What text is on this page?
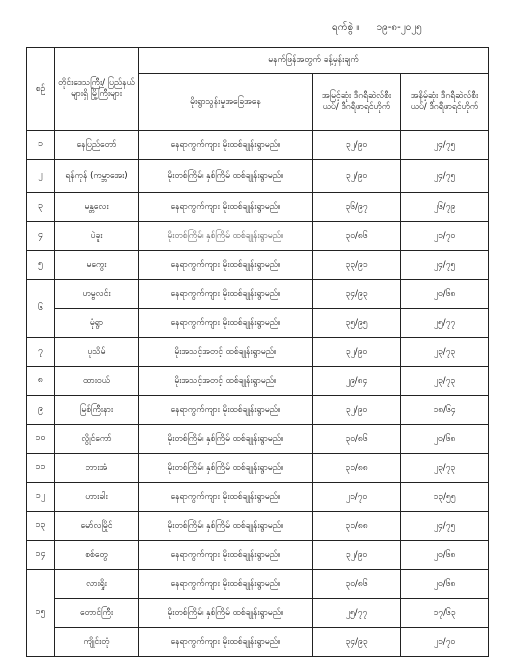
ရက်စွဲ ။ ၁၉-၈-၂၀၂၅
စဉ်	တိုင်းဒေသကြီး/ ပြည်နယ်များရှိ မြို့ကြီးများ	မနက်ဖြန်အတွက် ခန့်မှန်းချက်		
		မိုးရွာသွန်းမှုအခြေအနေ	အမြင့်ဆုံး ဒီဂရီဆဲလ်စီးယပ်/ ဒီဂရီဖာရင်ဟိုက်	အနိမ့်ဆုံး ဒီဂရီဆဲလ်စီးယပ်/ ဒီဂရီဖာရင်ဟိုက်
၁	နေပြည်တော်	နေရာကွက်ကျား မိုးထစ်ချုန်းရွာမည်။	၃၂/၉၀	၂၄/၇၅
၂	ရန်ကုန် (ကမ္ဘာအေး)	မိုးတစ်ကြိမ်၊ နှစ်ကြိမ် ထစ်ချုန်းရွာမည်။	၃၂/၉၀	၂၄/၇၅
၃	မန္တလေး	နေရာကွက်ကျား မိုးထစ်ချုန်းရွာမည်။	၃၆/၉၇	၂၆/၇၉
၄	ပဲခူး	မိုးတစ်ကြိမ်၊ နှစ်ကြိမ် ထစ်ချုန်းရွာမည်။	၃၀/၈၆	၂၁/၇၀
၅	မကွေး	နေရာကွက်ကျား မိုးထစ်ချုန်းရွာမည်။	၃၃/၉၁	၂၄/၇၅
၆	ဟမ္ဗလင်း	နေရာကွက်ကျား မိုးထစ်ချုန်းရွာမည်။	၃၄/၉၃	၂၀/၆၈
	မုံရွာ	နေရာကွက်ကျား မိုးထစ်ချုန်းရွာမည်။	၃၅/၉၅	၂၅/၇၇
၇	ပုသိမ်	မိုးအသင့်အတင့် ထစ်ချုန်းရွာမည်။	၃၂/၉၀	၂၃/၇၃
၈	ထားဝယ်	မိုးအသင့်အတင့် ထစ်ချုန်းရွာမည်။	၂၉/၈၄	၂၃/၇၃
၉	မြစ်ကြီးနား	နေရာကွက်ကျား မိုးထစ်ချုန်းရွာမည်။	၃၂/၉၀	၁၈/၆၄
၁၀	လွိုင်ကော်	မိုးတစ်ကြိမ်၊ နှစ်ကြိမ် ထစ်ချုန်းရွာမည်။	၃၀/၈၆	၂၀/၆၈
၁၁	ဘားအံ	မိုးတစ်ကြိမ်၊ နှစ်ကြိမ် ထစ်ချုန်းရွာမည်။	၃၁/၈၈	၂၃/၇၃
၁၂	ဟားခါး	နေရာကွက်ကျား မိုးထစ်ချုန်းရွာမည်။	၂၁/၇၀	၁၃/၅၅
၁၃	မော်လမြိုင်	မိုးတစ်ကြိမ်၊ နှစ်ကြိမ် ထစ်ချုန်းရွာမည်။	၃၁/၈၈	၂၄/၇၅
၁၄	စစ်တွေ	နေရာကွက်ကျား မိုးထစ်ချုန်းရွာမည်။	၃၂/၉၀	၂၀/၆၈
၁၅	လားရှိုး	နေရာကွက်ကျား မိုးထစ်ချုန်းရွာမည်။	၃၀/၈၆	၂၀/၆၈
	တောင်ကြီး	မိုးတစ်ကြိမ်၊ နှစ်ကြိမ် ထစ်ချုန်းရွာမည်။	၂၅/၇၇	၁၇/၆၃
	ကျိုင်းတုံ	နေရာကွက်ကျား မိုးထစ်ချုန်းရွာမည်။	၃၄/၉၃	၂၁/၇၀
